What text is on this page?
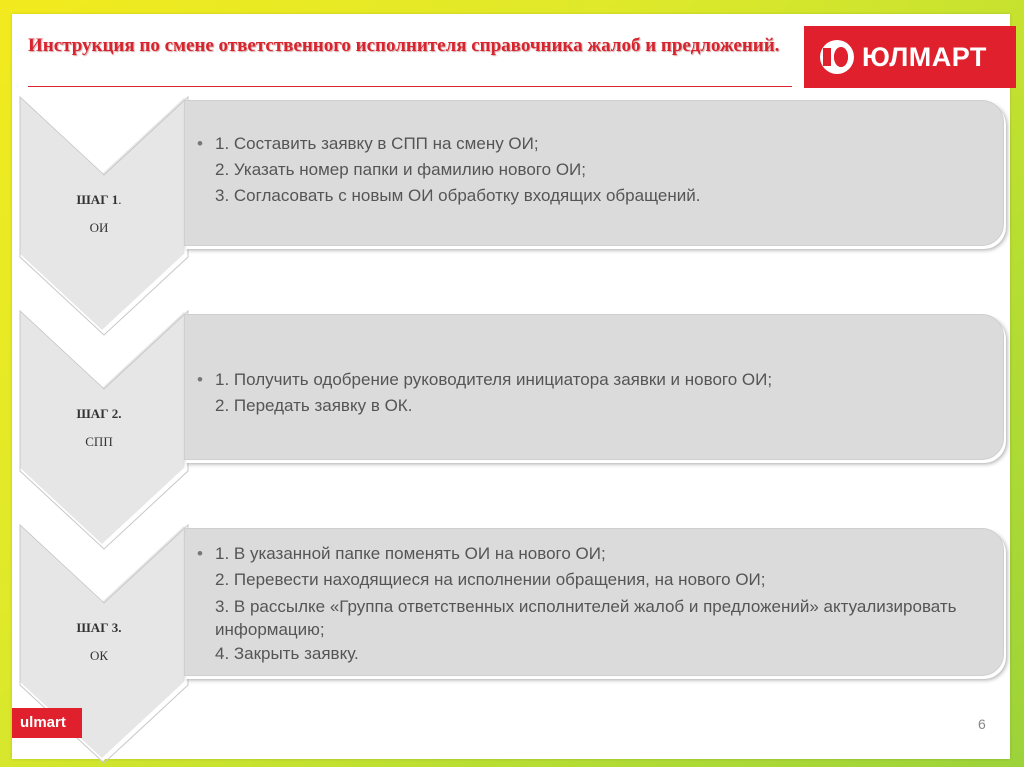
Инструкция по смене ответственного исполнителя справочника жалоб и предложений.	ЮЛМАРТ
ШАГ 1.
ОИ
• 1. Составить заявку в СПП на смену ОИ;
2. Указать номер папки и фамилию нового ОИ;
3. Согласовать с новым ОИ обработку входящих обращений.
ШАГ 2.
СПП
• 1. Получить одобрение руководителя инициатора заявки и нового ОИ;
2. Передать заявку в ОК.
ШАГ 3.
ОК
• 1. В указанной папке поменять ОИ на нового ОИ;
2. Перевести находящиеся на исполнении обращения, на нового ОИ;
3. В рассылке «Группа ответственных исполнителей жалоб и предложений» актуализировать информацию;
4. Закрыть заявку.
ulmart	6
